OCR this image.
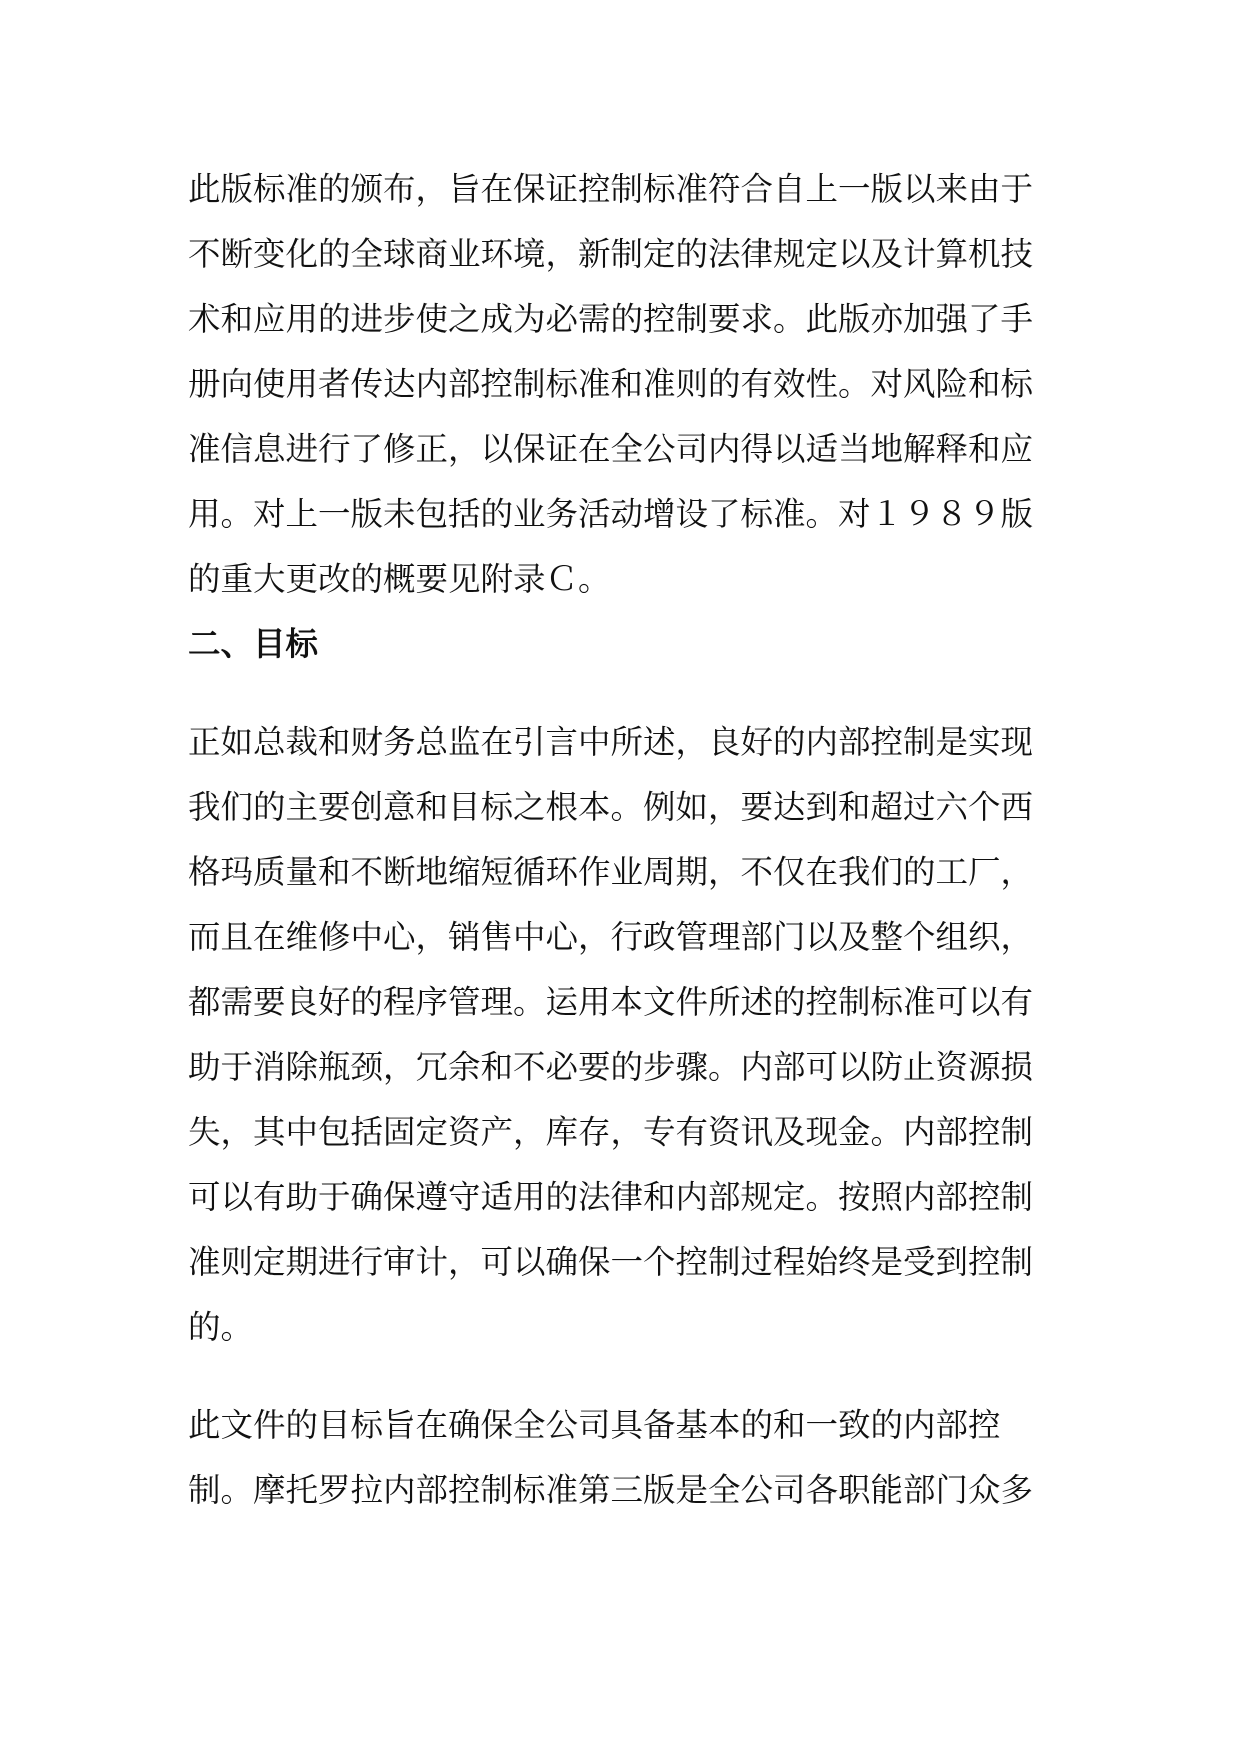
此版标准的颁布，旨在保证控制标准符合自上一版以来由于
不断变化的全球商业环境，新制定的法律规定以及计算机技
术和应用的进步使之成为必需的控制要求。此版亦加强了手
册向使用者传达内部控制标准和准则的有效性。对风险和标
准信息进行了修正，以保证在全公司内得以适当地解释和应
用。对上一版未包括的业务活动增设了标准。对１９８９版
的重大更改的概要见附录Ｃ。

二、目标

正如总裁和财务总监在引言中所述，良好的内部控制是实现
我们的主要创意和目标之根本。例如，要达到和超过六个西
格玛质量和不断地缩短循环作业周期，不仅在我们的工厂，
而且在维修中心，销售中心，行政管理部门以及整个组织，
都需要良好的程序管理。运用本文件所述的控制标准可以有
助于消除瓶颈，冗余和不必要的步骤。内部可以防止资源损
失，其中包括固定资产，库存，专有资讯及现金。内部控制
可以有助于确保遵守适用的法律和内部规定。按照内部控制
准则定期进行审计，可以确保一个控制过程始终是受到控制
的。

此文件的目标旨在确保全公司具备基本的和一致的内部控
制。摩托罗拉内部控制标准第三版是全公司各职能部门众多
